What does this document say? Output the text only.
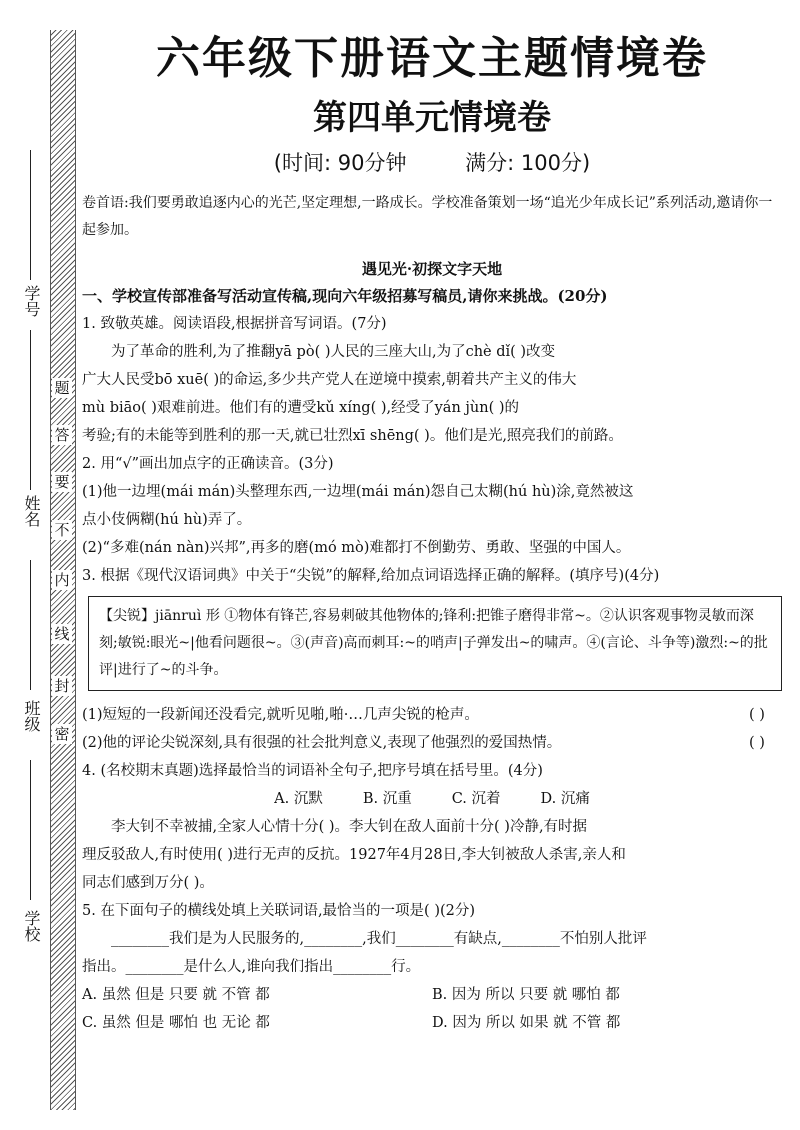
学号
姓名
班级
学校
题
答
要
不
内
线
封
密
六年级下册语文主题情境卷
第四单元情境卷
(时间: 90分钟	满分: 100分)

卷首语:我们要勇敢追逐内心的光芒,坚定理想,一路成长。学校准备策划一场“追光少年成长记”系列活动,邀请你一起参加。

遇见光·初探文字天地

一、学校宣传部准备写活动宣传稿,现向六年级招募写稿员,请你来挑战。(20分)

1. 致敬英雄。阅读语段,根据拼音写词语。(7分)

为了革命的胜利,为了推翻yā pò( )人民的三座大山,为了chè dǐ( )改变

广大人民受bō xuē( )的命运,多少共产党人在逆境中摸索,朝着共产主义的伟大

mù biāo( )艰难前进。他们有的遭受kǔ xíng( ),经受了yán jùn( )的

考验;有的未能等到胜利的那一天,就已壮烈xī shēng( )。他们是光,照亮我们的前路。

2. 用“√”画出加点字的正确读音。(3分)

(1)他一边埋(mái mán)头整理东西,一边埋(mái mán)怨自己太糊(hú hù)涂,竟然被这

点小伎俩糊(hú hù)弄了。

(2)“多难(nán nàn)兴邦”,再多的磨(mó mò)难都打不倒勤劳、勇敢、坚强的中国人。

3. 根据《现代汉语词典》中关于“尖锐”的解释,给加点词语选择正确的解释。(填序号)(4分)

【尖锐】jiānruì 形 ①物体有锋芒,容易刺破其他物体的;锋利:把锥子磨得非常~。②认识客观事物灵敏而深刻;敏锐:眼光~|他看问题很~。③(声音)高而刺耳:~的哨声|子弹发出~的啸声。④(言论、斗争等)激烈:~的批评|进行了~的斗争。
(1)短短的一段新闻还没看完,就听见啪,啪·…几声尖锐的枪声。	( )
(2)他的评论尖锐深刻,具有很强的社会批判意义,表现了他强烈的爱国热情。	( )

4. (名校期末真题)选择最恰当的词语补全句子,把序号填在括号里。(4分)

A. 沉默	B. 沉重	C. 沉着	D. 沉痛

李大钊不幸被捕,全家人心情十分( )。李大钊在敌人面前十分( )冷静,有时据

理反驳敌人,有时使用( )进行无声的反抗。1927年4月28日,李大钊被敌人杀害,亲人和

同志们感到万分( )。

5. 在下面句子的横线处填上关联词语,最恰当的一项是( )(2分)

________我们是为人民服务的,________,我们________有缺点,________不怕别人批评

指出。________是什么人,谁向我们指出________行。

A. 虽然 但是 只要 就 不管 都	B. 因为 所以 只要 就 哪怕 都
C. 虽然 但是 哪怕 也 无论 都	D. 因为 所以 如果 就 不管 都
